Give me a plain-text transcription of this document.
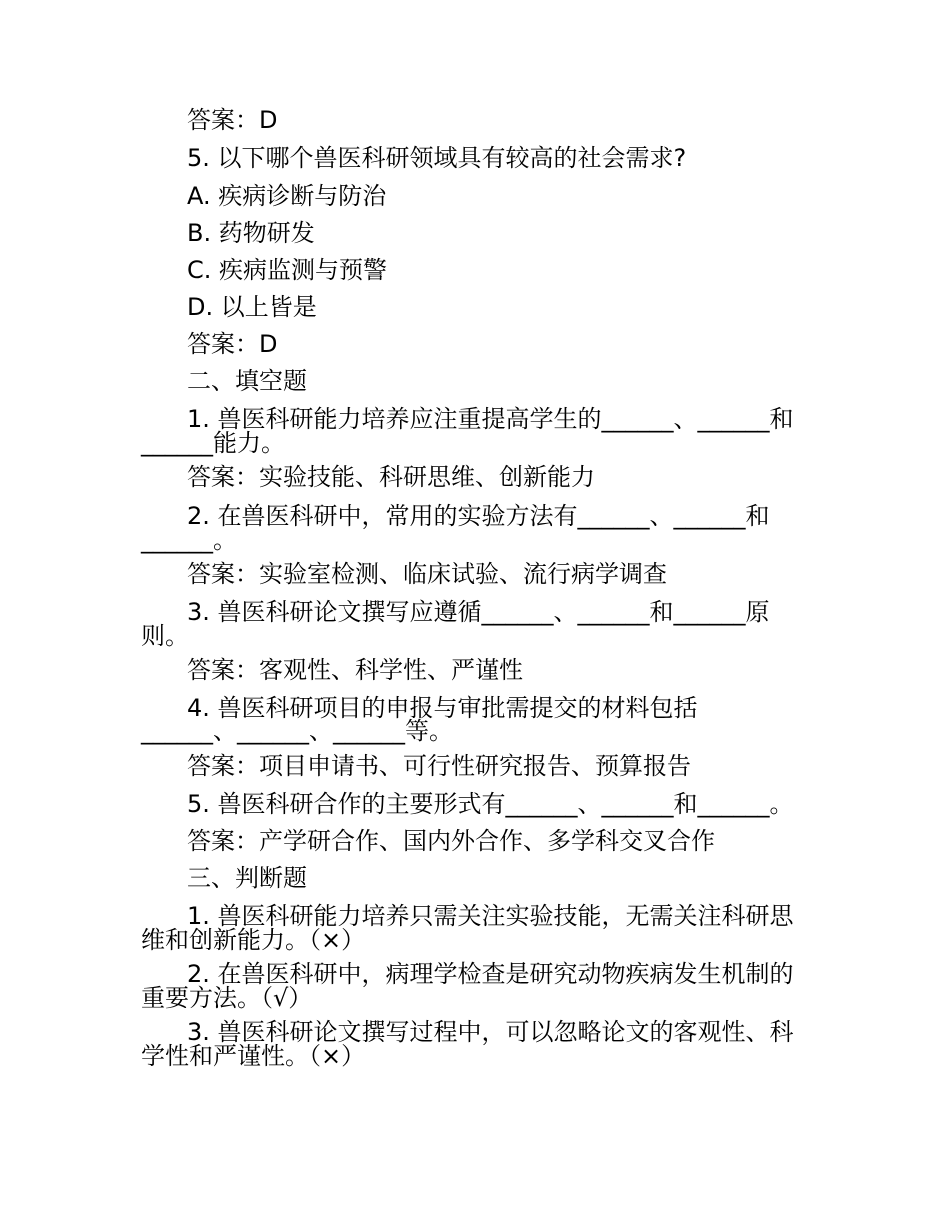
答案：D
5. 以下哪个兽医科研领域具有较高的社会需求?
A. 疾病诊断与防治
B. 药物研发
C. 疾病监测与预警
D. 以上皆是
答案：D
二、填空题
1. 兽医科研能力培养应注重提高学生的______、______和
______能力。
答案：实验技能、科研思维、创新能力
2. 在兽医科研中，常用的实验方法有______、______和
______。
答案：实验室检测、临床试验、流行病学调查
3. 兽医科研论文撰写应遵循______、______和______原
则。
答案：客观性、科学性、严谨性
4. 兽医科研项目的申报与审批需提交的材料包括
______、______、______等。
答案：项目申请书、可行性研究报告、预算报告
5. 兽医科研合作的主要形式有______、______和______。
答案：产学研合作、国内外合作、多学科交叉合作
三、判断题
1. 兽医科研能力培养只需关注实验技能，无需关注科研思
维和创新能力。（×）
2. 在兽医科研中，病理学检查是研究动物疾病发生机制的
重要方法。（√）
3. 兽医科研论文撰写过程中，可以忽略论文的客观性、科
学性和严谨性。（×）
